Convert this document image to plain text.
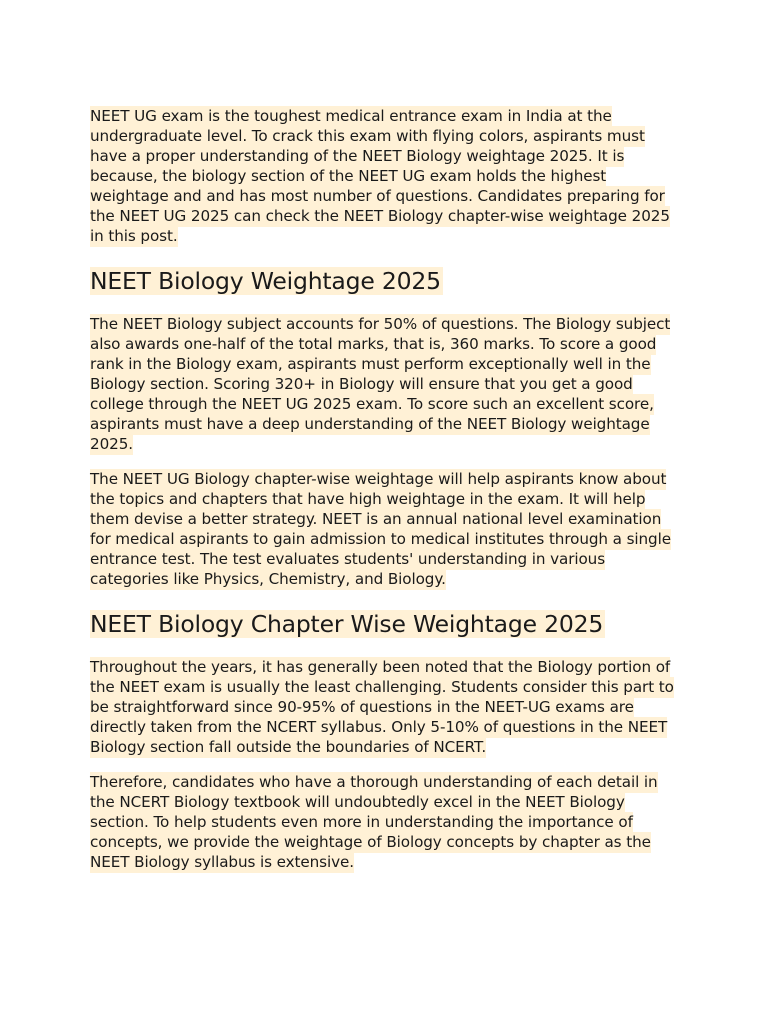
NEET UG exam is the toughest medical entrance exam in India at the undergraduate level. To crack this exam with flying colors, aspirants must have a proper understanding of the NEET Biology weightage 2025. It is because, the biology section of the NEET UG exam holds the highest weightage and and has most number of questions. Candidates preparing for the NEET UG 2025 can check the NEET Biology chapter-wise weightage 2025 in this post.

NEET Biology Weightage 2025

The NEET Biology subject accounts for 50% of questions. The Biology subject also awards one-half of the total marks, that is, 360 marks. To score a good rank in the Biology exam, aspirants must perform exceptionally well in the Biology section. Scoring 320+ in Biology will ensure that you get a good college through the NEET UG 2025 exam. To score such an excellent score, aspirants must have a deep understanding of the NEET Biology weightage 2025.

The NEET UG Biology chapter-wise weightage will help aspirants know about the topics and chapters that have high weightage in the exam. It will help them devise a better strategy. NEET is an annual national level examination for medical aspirants to gain admission to medical institutes through a single entrance test. The test evaluates students' understanding in various categories like Physics, Chemistry, and Biology.

NEET Biology Chapter Wise Weightage 2025

Throughout the years, it has generally been noted that the Biology portion of the NEET exam is usually the least challenging. Students consider this part to be straightforward since 90-95% of questions in the NEET-UG exams are directly taken from the NCERT syllabus. Only 5-10% of questions in the NEET Biology section fall outside the boundaries of NCERT.

Therefore, candidates who have a thorough understanding of each detail in the NCERT Biology textbook will undoubtedly excel in the NEET Biology section. To help students even more in understanding the importance of concepts, we provide the weightage of Biology concepts by chapter as the NEET Biology syllabus is extensive.
